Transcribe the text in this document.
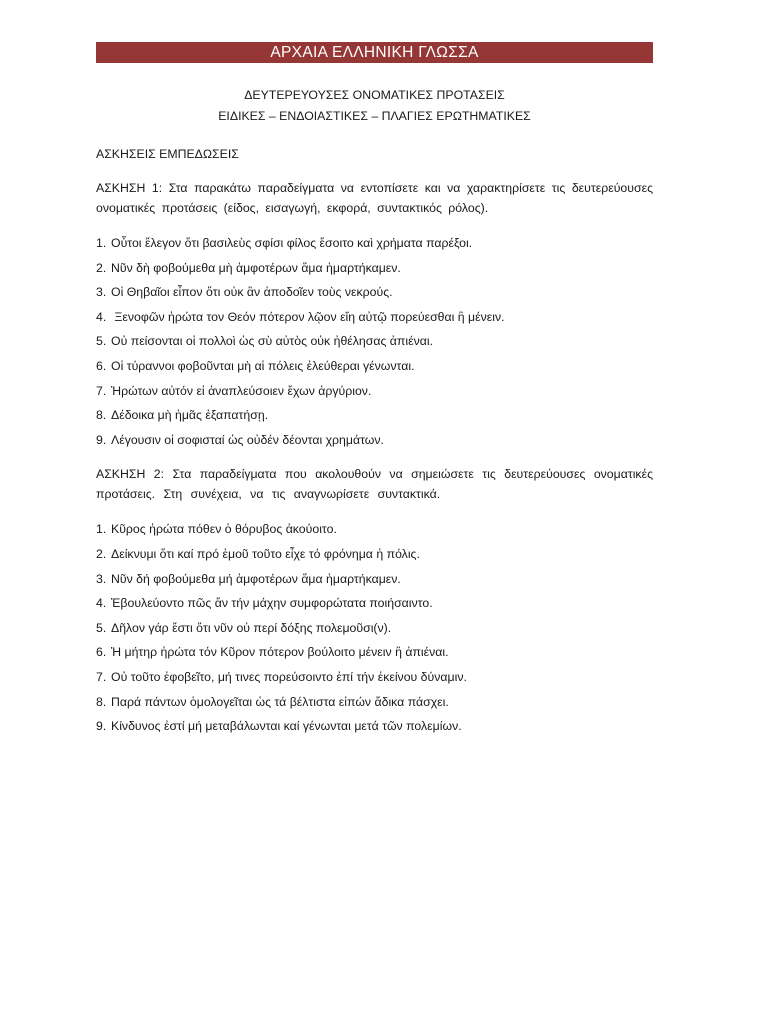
ΑΡΧΑΙΑ ΕΛΛΗΝΙΚΗ ΓΛΩΣΣΑ
ΔΕΥΤΕΡΕΥΟΥΣΕΣ ΟΝΟΜΑΤΙΚΕΣ ΠΡΟΤΑΣΕΙΣ
ΕΙΔΙΚΕΣ – ΕΝΔΟΙΑΣΤΙΚΕΣ – ΠΛΑΓΙΕΣ ΕΡΩΤΗΜΑΤΙΚΕΣ
ΑΣΚΗΣΕΙΣ ΕΜΠΕΔΩΣΕΙΣ
ΑΣΚΗΣΗ 1: Στα παρακάτω παραδείγματα να εντοπίσετε και να χαρακτηρίσετε τις δευτερεύουσες ονοματικές προτάσεις (είδος, εισαγωγή, εκφορά, συντακτικός ρόλος).
1. Οὗτοι ἔλεγον ὅτι βασιλεὺς σφίσι φίλος ἔσοιτο καὶ χρήματα παρέξοι.
2. Νῦν δὴ φοβούμεθα μὴ ἀμφοτέρων ἅμα ἡμαρτήκαμεν.
3. Οἱ Θηβαῖοι εἶπον ὅτι οὐκ ἂν ἀποδοῖεν τοὺς νεκρούς.
4. Ξενοφῶν ἠρώτα τον Θεόν πότερον λῷον εἴη αὐτῷ πορεύεσθαι ἢ μένειν.
5. Οὐ πείσονται οἱ πολλοὶ ὡς σὺ αὐτὸς οὐκ ἠθέλησας ἀπιέναι.
6. Οἱ τύραννοι φοβοῦνται μὴ αἱ πόλεις ἐλεύθεραι γένωνται.
7. Ἠρώτων αὐτόν εἰ ἀναπλεύσοιεν ἔχων ἀργύριον.
8. Δέδοικα μὴ ἡμᾶς ἐξαπατήσῃ.
9. Λέγουσιν οἱ σοφισταί ὡς οὐδέν δέονται χρημάτων.
ΑΣΚΗΣΗ 2: Στα παραδείγματα που ακολουθούν να σημειώσετε τις δευτερεύουσες ονοματικές προτάσεις. Στη συνέχεια, να τις αναγνωρίσετε συντακτικά.
1. Κῦρος ἠρώτα πόθεν ὁ θόρυβος ἀκούοιτο.
2. Δείκνυμι ὅτι καί πρό ἐμοῦ τοῦτο εἶχε τό φρόνημα ἡ πόλις.
3. Νῦν δή φοβούμεθα μή ἀμφοτέρων ἅμα ἡμαρτήκαμεν.
4. Ἐβουλεύοντο πῶς ἄν τήν μάχην συμφορώτατα ποιήσαιντο.
5. Δῆλον γάρ ἔστι ὅτι νῦν οὐ περί δόξης πολεμοῦσι(ν).
6. Ἡ μήτηρ ἠρώτα τόν Κῦρον πότερον βούλοιτο μένειν ἢ ἀπιέναι.
7. Οὐ τοῦτο ἐφοβεῖτο, μή τινες πορεύσοιντο ἐπί τήν ἐκείνου δύναμιν.
8. Παρά πάντων ὁμολογεῖται ὡς τά βέλτιστα εἰπών ἄδικα πάσχει.
9. Κίνδυνος ἐστί μή μεταβάλωνται καί γένωνται μετά τῶν πολεμίων.
